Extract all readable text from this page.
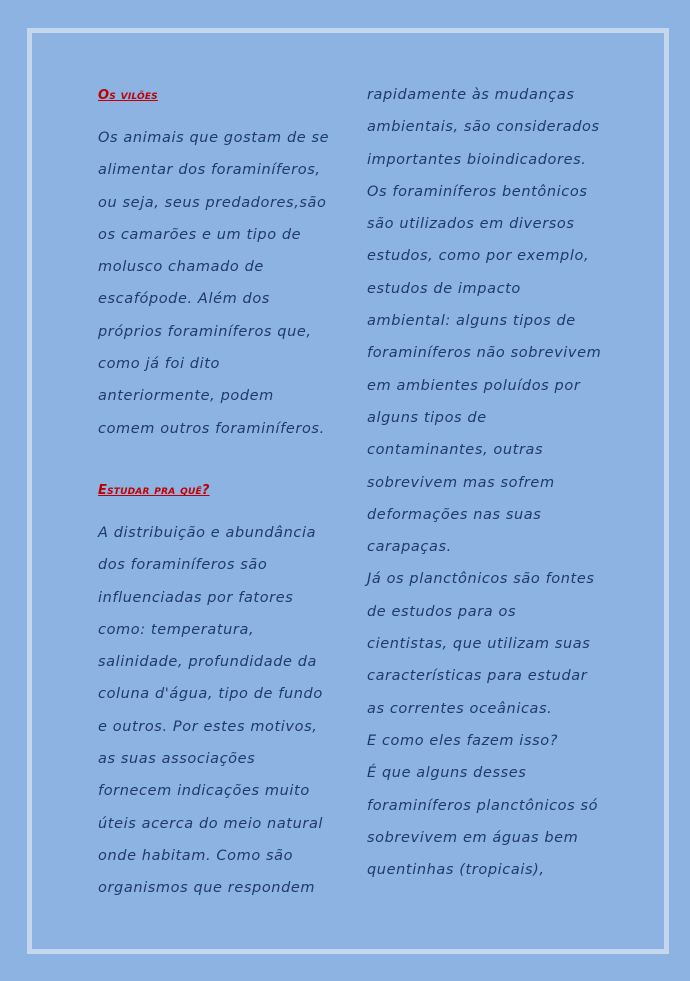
Os vilões

Os animais que gostam de se
alimentar dos foraminíferos,
ou seja, seus predadores,são
os camarões e um tipo de
molusco chamado de
escafópode. Além dos
próprios foraminíferos que,
como já foi dito
anteriormente, podem
comem outros foraminíferos.

Estudar pra quê?

A distribuição e abundância
dos foraminíferos são
influenciadas por fatores
como: temperatura,
salinidade, profundidade da
coluna d'água, tipo de fundo
e outros. Por estes motivos,
as suas associações
fornecem indicações muito
úteis acerca do meio natural
onde habitam. Como são
organismos que respondem

rapidamente às mudanças
ambientais, são considerados
importantes bioindicadores.
Os foraminíferos bentônicos
são utilizados em diversos
estudos, como por exemplo,
estudos de impacto
ambiental: alguns tipos de
foraminíferos não sobrevivem
em ambientes poluídos por
alguns tipos de
contaminantes, outras
sobrevivem mas sofrem
deformações nas suas
carapaças.
Já os planctônicos são fontes
de estudos para os
cientistas, que utilizam suas
características para estudar
as correntes oceânicas.
E como eles fazem isso?
É que alguns desses
foraminíferos planctônicos só
sobrevivem em águas bem
quentinhas (tropicais),
